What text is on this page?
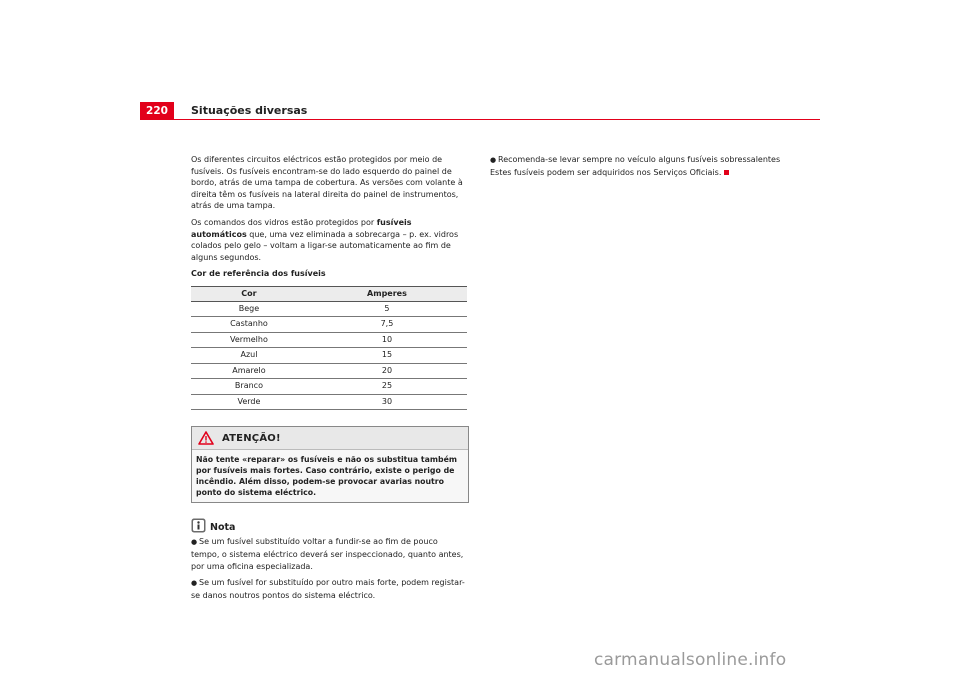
220	Situações diversas

Os diferentes circuitos eléctricos estão protegidos por meio de fusíveis. Os fusíveis encontram-se do lado esquerdo do painel de bordo, atrás de uma tampa de cobertura. As versões com volante à direita têm os fusíveis na lateral direita do painel de instrumentos, atrás de uma tampa.

Os comandos dos vidros estão protegidos por fusíveis automáticos que, uma vez eliminada a sobrecarga – p. ex. vidros colados pelo gelo – voltam a ligar-se automaticamente ao fim de alguns segundos.

Cor de referência dos fusíveis
Cor	Amperes
Bege	5
Castanho	7,5
Vermelho	10
Azul	15
Amarelo	20
Branco	25
Verde	30
ATENÇÃO!
Não tente «reparar» os fusíveis e não os substitua também por fusíveis mais fortes. Caso contrário, existe o perigo de incêndio. Além disso, podem-se provocar avarias noutro ponto do sistema eléctrico.
Nota

● Se um fusível substituído voltar a fundir-se ao fim de pouco tempo, o sistema eléctrico deverá ser inspeccionado, quanto antes, por uma oficina especializada.

● Se um fusível for substituído por outro mais forte, podem registar-se danos noutros pontos do sistema eléctrico.

● Recomenda-se levar sempre no veículo alguns fusíveis sobressalentes

Estes fusíveis podem ser adquiridos nos Serviços Oficiais.

carmanualsonline.info
